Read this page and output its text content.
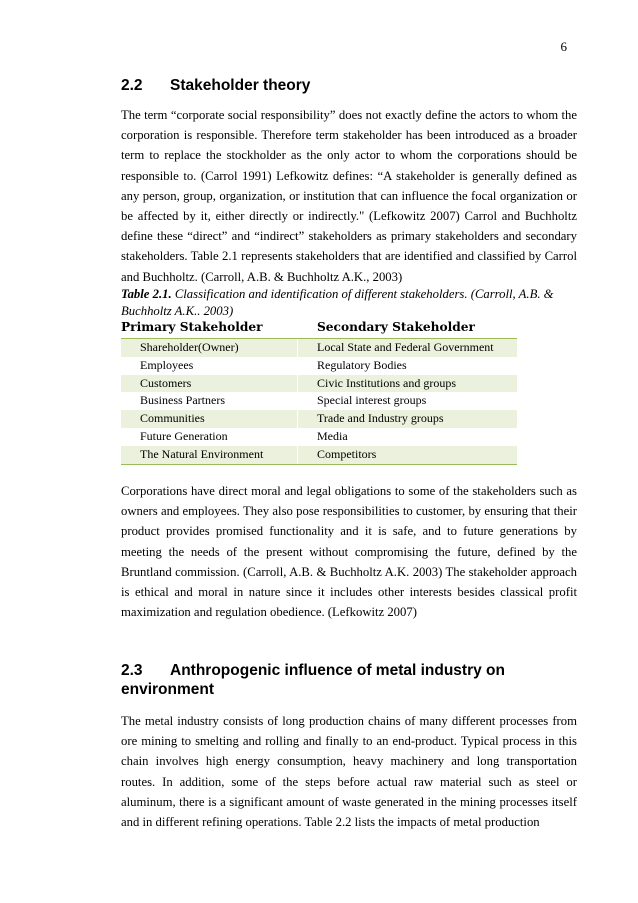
6
2.2 Stakeholder theory
The term “corporate social responsibility” does not exactly define the actors to whom the corporation is responsible. Therefore term stakeholder has been introduced as a broader term to replace the stockholder as the only actor to whom the corporations should be responsible to. (Carrol 1991) Lefkowitz defines: “A stakeholder is generally defined as any person, group, organization, or institution that can influence the focal organization or be affected by it, either directly or indirectly." (Lefkowitz 2007) Carrol and Buchholtz define these “direct” and “indirect” stakeholders as primary stakeholders and secondary stakeholders. Table 2.1 represents stakeholders that are identified and classified by Carrol and Buchholtz. (Carroll, A.B. & Buchholtz A.K., 2003)
Table 2.1. Classification and identification of different stakeholders. (Carroll, A.B. & Buchholtz A.K.. 2003)
Primary Stakeholder	Secondary Stakeholder
Shareholder(Owner)	Local State and Federal Government
Employees	Regulatory Bodies
Customers	Civic Institutions and groups
Business Partners	Special interest groups
Communities	Trade and Industry groups
Future Generation	Media
The Natural Environment	Competitors
Corporations have direct moral and legal obligations to some of the stakeholders such as owners and employees. They also pose responsibilities to customer, by ensuring that their product provides promised functionality and it is safe, and to future generations by meeting the needs of the present without compromising the future, defined by the Bruntland commission. (Carroll, A.B. & Buchholtz A.K. 2003) The stakeholder approach is ethical and moral in nature since it includes other interests besides classical profit maximization and regulation obedience. (Lefkowitz 2007)
2.3 Anthropogenic influence of metal industry on
environment
The metal industry consists of long production chains of many different processes from ore mining to smelting and rolling and finally to an end-product. Typical process in this chain involves high energy consumption, heavy machinery and long transportation routes. In addition, some of the steps before actual raw material such as steel or aluminum, there is a significant amount of waste generated in the mining processes itself and in different refining operations. Table 2.2 lists the impacts of metal production
